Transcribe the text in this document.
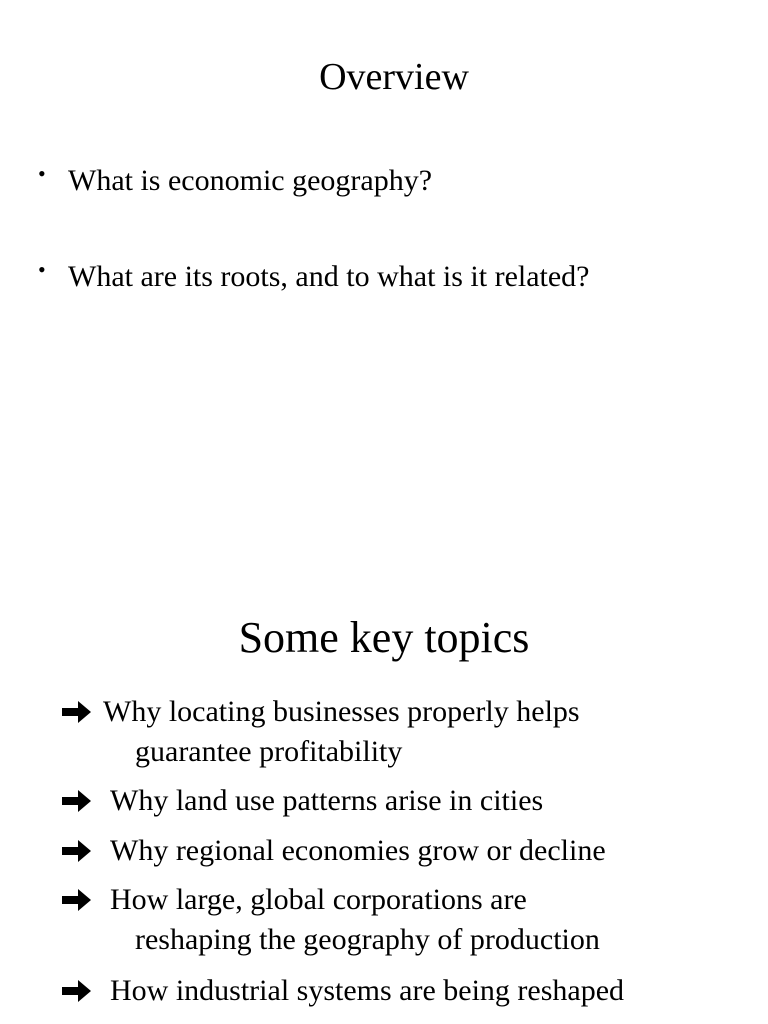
Overview
• What is economic geography?
• What are its roots, and to what is it related?
Some key topics
Why locating businesses properly helps
guarantee profitability
Why land use patterns arise in cities
Why regional economies grow or decline
How large, global corporations are
reshaping the geography of production
How industrial systems are being reshaped
